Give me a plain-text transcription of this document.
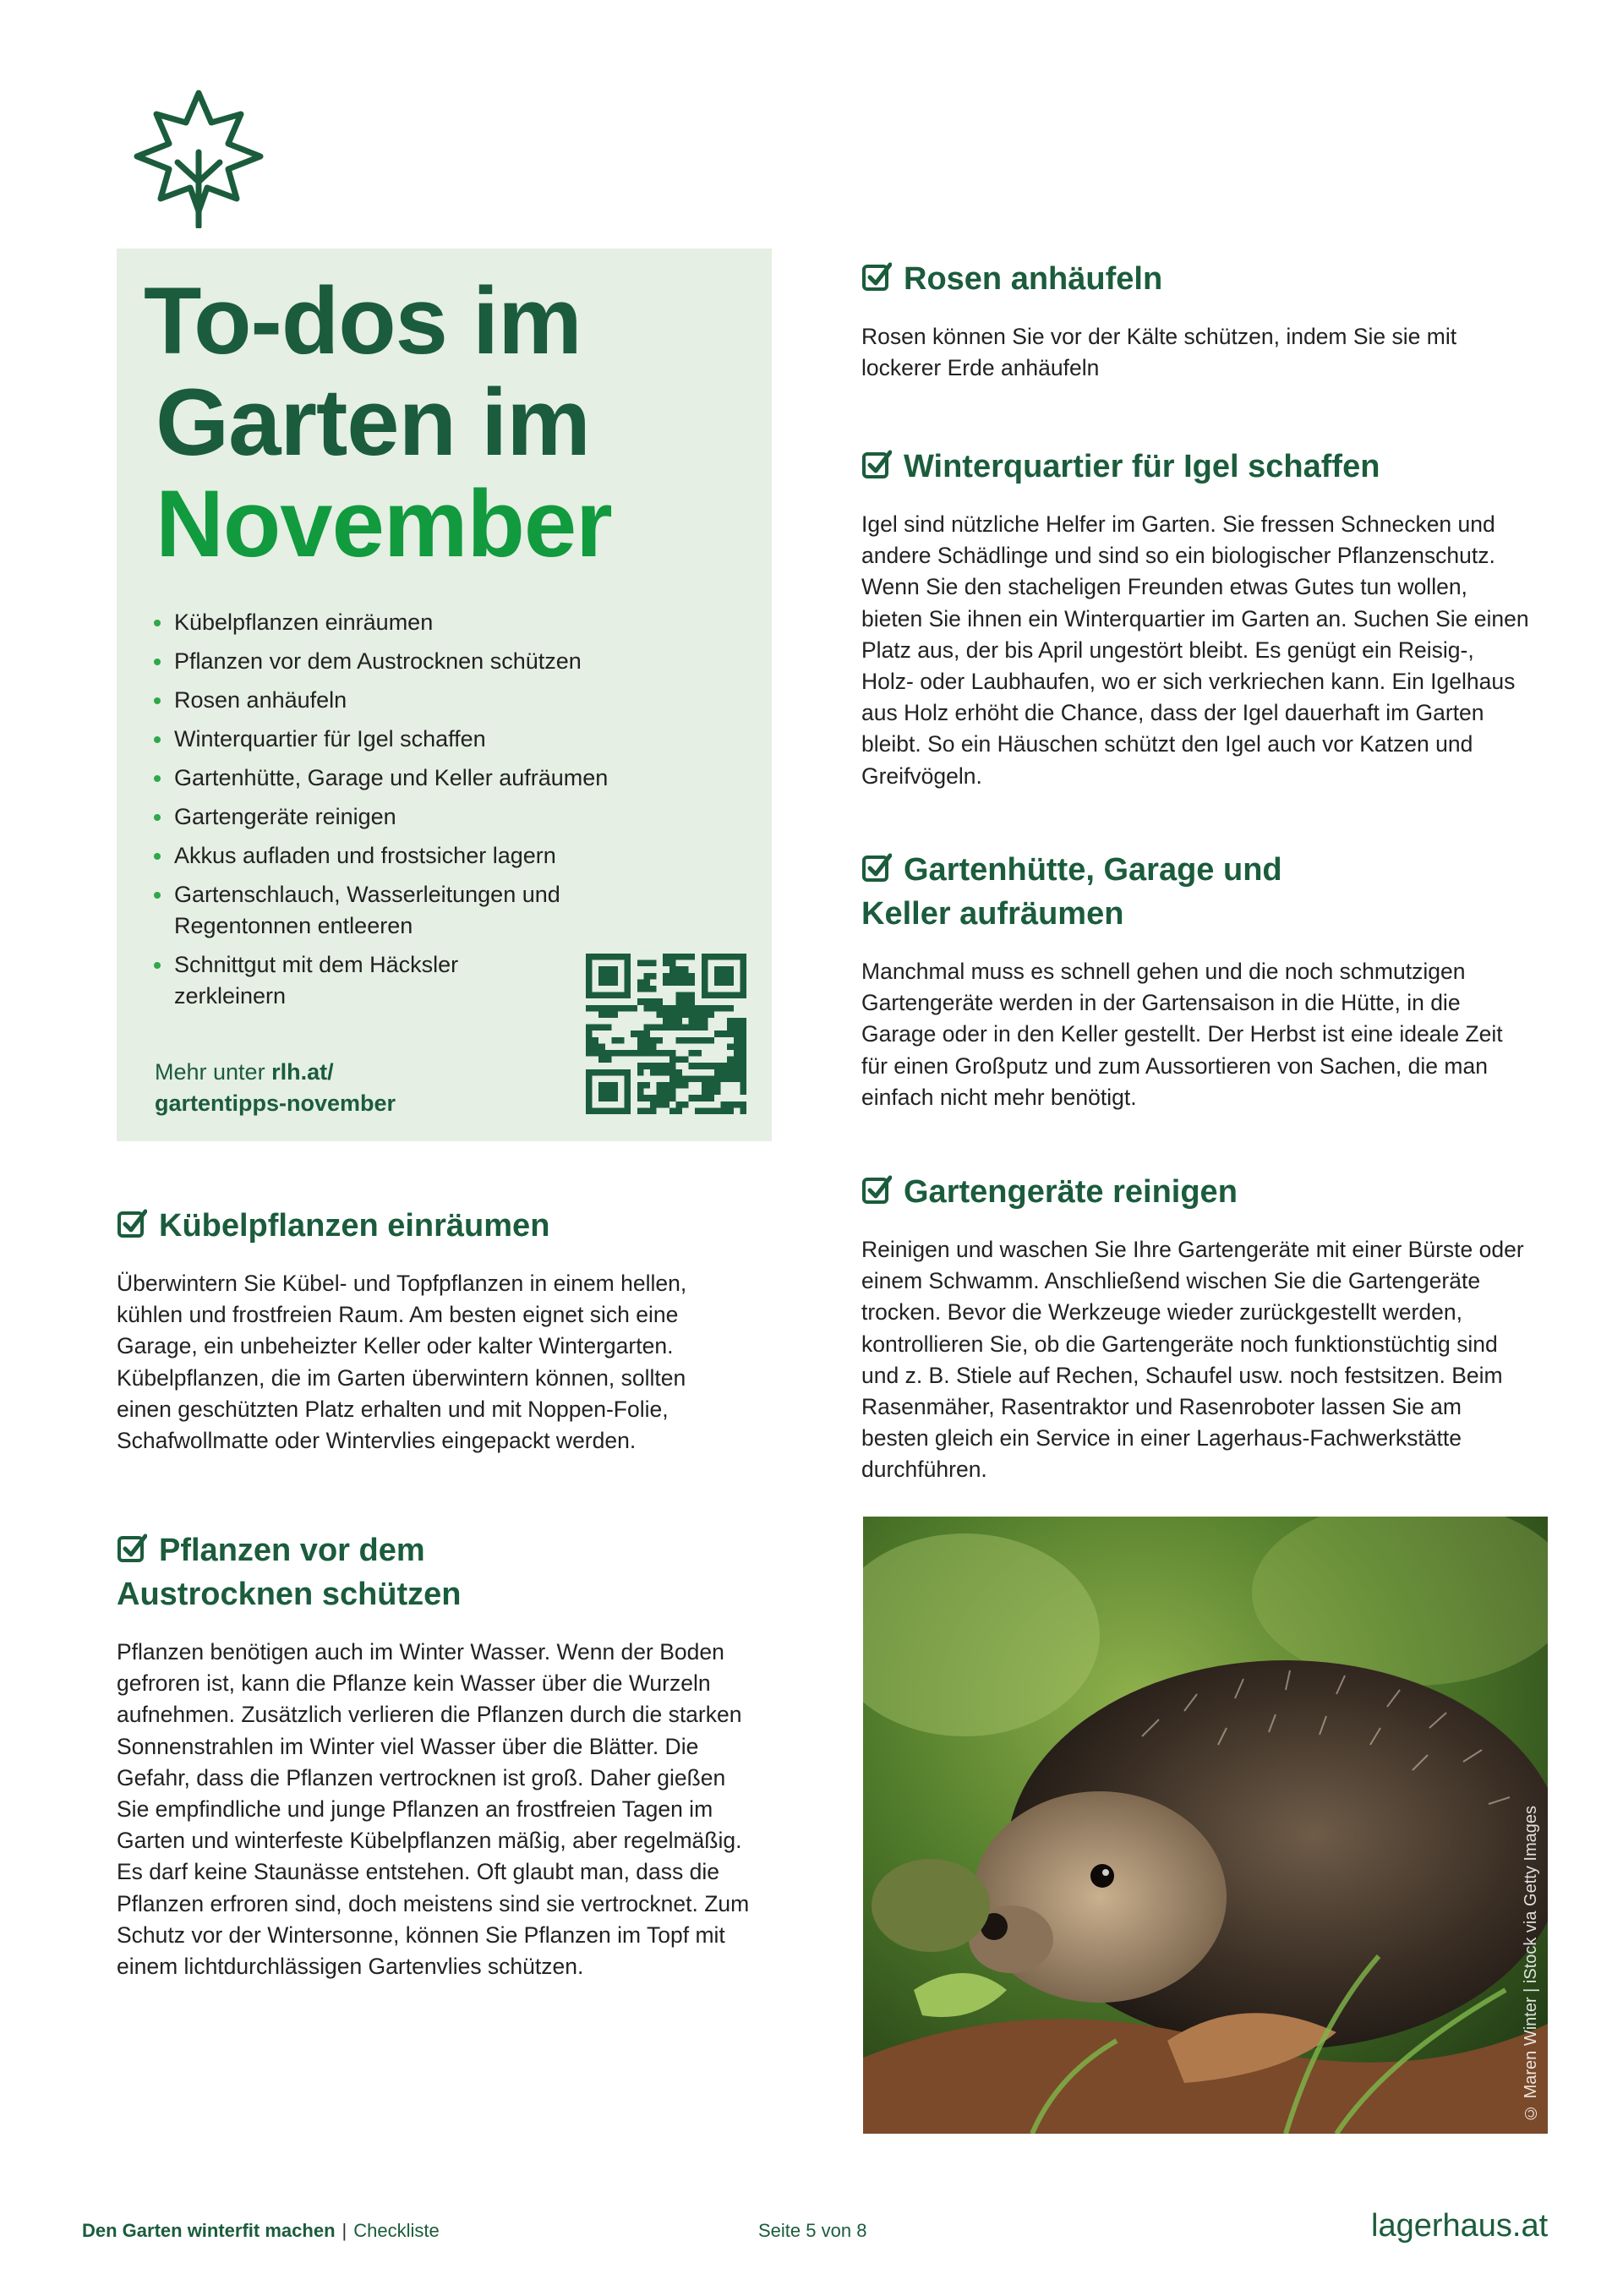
To-dos im
Garten im
November
Kübelpflanzen einräumen
Pflanzen vor dem Austrocknen schützen
Rosen anhäufeln
Winterquartier für Igel schaffen
Gartenhütte, Garage und Keller aufräumen
Gartengeräte reinigen
Akkus aufladen und frostsicher lagern
Gartenschlauch, Wasserleitungen und Regentonnen entleeren
Schnittgut mit dem Häcksler zerkleinern
Mehr unter rlh.at/
gartentipps-november
Kübelpflanzen einräumen
Überwintern Sie Kübel- und Topfpflanzen in einem hellen, kühlen und frostfreien Raum. Am besten eignet sich eine Garage, ein unbeheizter Keller oder kalter Wintergarten. Kübelpflanzen, die im Garten überwintern können, sollten einen geschützten Platz erhalten und mit Noppen-Folie, Schafwollmatte oder Wintervlies eingepackt werden.
Pflanzen vor dem
Austrocknen schützen
Pflanzen benötigen auch im Winter Wasser. Wenn der Boden gefroren ist, kann die Pflanze kein Wasser über die Wurzeln aufnehmen. Zusätzlich verlieren die Pflanzen durch die starken Sonnenstrahlen im Winter viel Wasser über die Blätter. Die Gefahr, dass die Pflanzen vertrocknen ist groß. Daher gießen Sie empfindliche und junge Pflanzen an frostfreien Tagen im Garten und winterfeste Kübelpflanzen mäßig, aber regelmäßig. Es darf keine Staunässe entstehen. Oft glaubt man, dass die Pflanzen erfroren sind, doch meistens sind sie vertrocknet. Zum Schutz vor der Wintersonne, können Sie Pflanzen im Topf mit einem lichtdurchlässigen Gartenvlies schützen.
Rosen anhäufeln
Rosen können Sie vor der Kälte schützen, indem Sie sie mit lockerer Erde anhäufeln
Winterquartier für Igel schaffen
Igel sind nützliche Helfer im Garten. Sie fressen Schnecken und andere Schädlinge und sind so ein biologischer Pflanzenschutz. Wenn Sie den stacheligen Freunden etwas Gutes tun wollen, bieten Sie ihnen ein Winterquartier im Garten an. Suchen Sie einen Platz aus, der bis April ungestört bleibt. Es genügt ein Reisig-, Holz- oder Laubhaufen, wo er sich verkriechen kann. Ein Igelhaus aus Holz erhöht die Chance, dass der Igel dauerhaft im Garten bleibt. So ein Häuschen schützt den Igel auch vor Katzen und Greifvögeln.
Gartenhütte, Garage und
Keller aufräumen
Manchmal muss es schnell gehen und die noch schmutzigen Gartengeräte werden in der Gartensaison in die Hütte, in die Garage oder in den Keller gestellt. Der Herbst ist eine ideale Zeit für einen Großputz und zum Aussortieren von Sachen, die man einfach nicht mehr benötigt.
Gartengeräte reinigen
Reinigen und waschen Sie Ihre Gartengeräte mit einer Bürste oder einem Schwamm. Anschließend wischen Sie die Gartengeräte trocken. Bevor die Werkzeuge wieder zurückgestellt werden, kontrollieren Sie, ob die Gartengeräte noch funktionstüchtig sind und z. B. Stiele auf Rechen, Schaufel usw. noch festsitzen. Beim Rasenmäher, Rasentraktor und Rasenroboter lassen Sie am besten gleich ein Service in einer Lagerhaus-Fachwerkstätte durchführen.
© Maren Winter | iStock via Getty Images
Den Garten winterfit machen | Checkliste	Seite 5 von 8	lagerhaus.at
